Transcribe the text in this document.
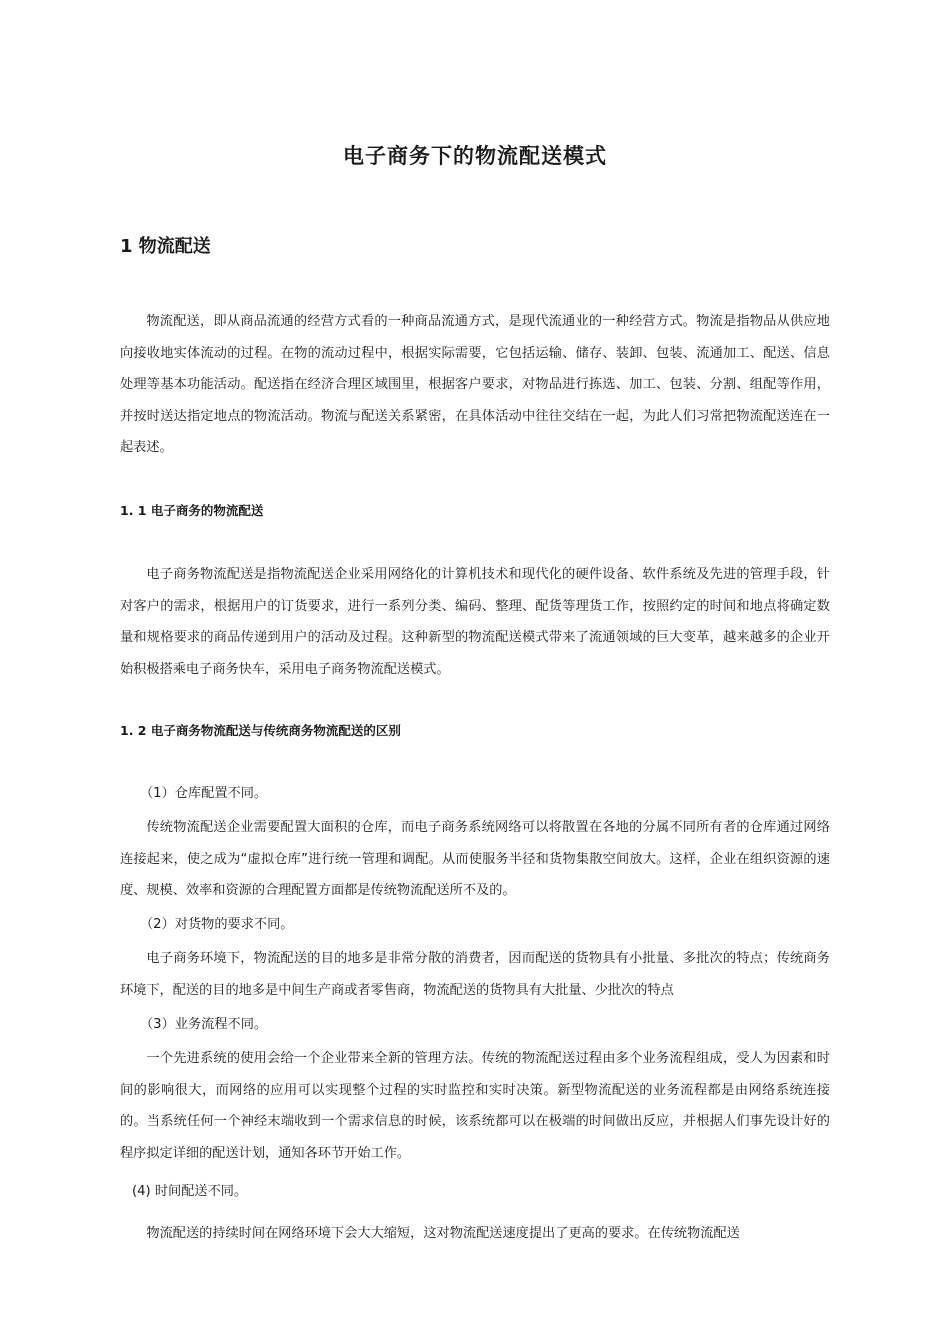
电子商务下的物流配送模式
1 物流配送

物流配送，即从商品流通的经营方式看的一种商品流通方式，是现代流通业的一种经营方式。物流是指物品从供应地向接收地实体流动的过程。在物的流动过程中，根据实际需要，它包括运输、储存、装卸、包装、流通加工、配送、信息处理等基本功能活动。配送指在经济合理区域围里，根据客户要求，对物品进行拣选、加工、包装、分割、组配等作用，并按时送达指定地点的物流活动。物流与配送关系紧密，在具体活动中往往交结在一起，为此人们习常把物流配送连在一起表述。

1. 1 电子商务的物流配送

电子商务物流配送是指物流配送企业采用网络化的计算机技术和现代化的硬件设备、软件系统及先进的管理手段，针对客户的需求，根据用户的订货要求，进行一系列分类、编码、整理、配货等理货工作，按照约定的时间和地点将确定数量和规格要求的商品传递到用户的活动及过程。这种新型的物流配送模式带来了流通领域的巨大变革，越来越多的企业开始积极搭乘电子商务快车，采用电子商务物流配送模式。

1. 2 电子商务物流配送与传统商务物流配送的区别

（1）仓库配置不同。

传统物流配送企业需要配置大面积的仓库，而电子商务系统网络可以将散置在各地的分属不同所有者的仓库通过网络连接起来，使之成为“虚拟仓库”进行统一管理和调配。从而使服务半径和货物集散空间放大。这样，企业在组织资源的速度、规模、效率和资源的合理配置方面都是传统物流配送所不及的。

（2）对货物的要求不同。

电子商务环境下，物流配送的目的地多是非常分散的消费者，因而配送的货物具有小批量、多批次的特点；传统商务环境下，配送的目的地多是中间生产商或者零售商，物流配送的货物具有大批量、少批次的特点

（3）业务流程不同。

一个先进系统的使用会给一个企业带来全新的管理方法。传统的物流配送过程由多个业务流程组成，受人为因素和时间的影响很大，而网络的应用可以实现整个过程的实时监控和实时决策。新型物流配送的业务流程都是由网络系统连接的。当系统任何一个神经末端收到一个需求信息的时候，该系统都可以在极端的时间做出反应，并根据人们事先设计好的程序拟定详细的配送计划，通知各环节开始工作。

(4) 时间配送不同。

物流配送的持续时间在网络环境下会大大缩短，这对物流配送速度提出了更高的要求。在传统物流配送
